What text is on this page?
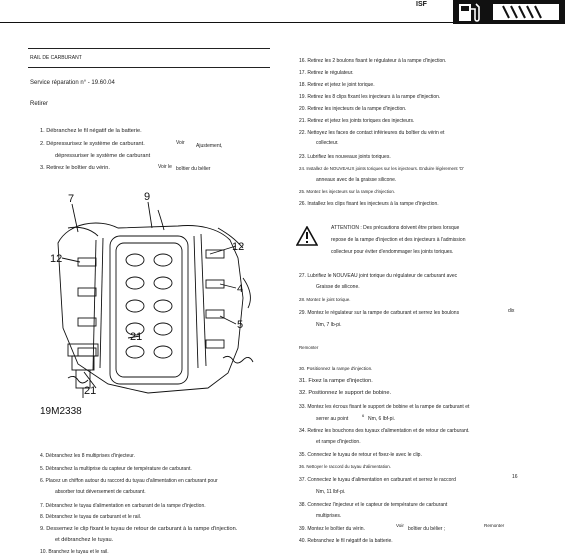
ISF
RAIL DE CARBURANT
Service réparation n° - 19.60.04
Retirer
1. Débranchez le fil négatif de la batterie.
2. Dépressurisez le système de carburant.	Voir Ajustement,
dépressuriser le système de carburant
3. Retirez le boîtier du vérin.	Voir le boîtier du bélier
7	9
12
12
4
5
21
21
19M2338
4. Débranchez les 8 multiprises d'injecteur.
5. Débranchez la multiprise du capteur de température de carburant.
6. Placez un chiffon autour du raccord du tuyau d'alimentation en carburant pour
absorber tout déversement de carburant.
7. Débranchez le tuyau d'alimentation en carburant de la rampe d'injection.
8. Débranchez le tuyau de carburant et le rail.
9. Dessemez le clip fixant le tuyau de retour de carburant à la rampe d'injection.
et débranchez le tuyau.
10. Branchez le tuyau et le rail.
16. Retirez les 2 boulons fixant le régulateur à la rampe d'injection.
17. Retirez le régulateur.
18. Retirez et jetez le joint torique.
19. Retirez les 8 clips fixant les injecteurs à la rampe d'injection.
20. Retirez les injecteurs de la rampe d'injection.
21. Retirez et jetez les joints toriques des injecteurs.
22. Nettoyez les faces de contact inférieures du boîtier du vérin et
collecteur.
23. Lubrifiez les nouveaux joints toriques.
24. Installez de NOUVEAUX joints toriques sur les injecteurs. Enduire légèrement 'O'
anneaux avec de la graisse silicone.
25. Montez les injecteurs sur la rampe d'injection.
26. Installez les clips fixant les injecteurs à la rampe d'injection.
ATTENTION : Des précautions doivent être prises lorsque
repose de la rampe d'injection et des injecteurs à l'admission
collecteur pour éviter d'endommager les joints toriques.
27. Lubrifiez le NOUVEAU joint torique du régulateur de carburant avec
Graisse de silicone.
28. Montez le joint torique.
29. Montez le régulateur sur la rampe de carburant et serrez les boulons	dix
Nm, 7 lb-pi.
Remonter
30. Positionnez la rampe d'injection.
31. Fixez la rampe d'injection.
32. Positionnez le support de bobine.
33. Montez les écrous fixant le support de bobine et la rampe de carburant et
serrer au point
6
Nm, 6 lbf-pi.
34. Retirez les bouchons des tuyaux d'alimentation et de retour de carburant.
et rampe d'injection.
35. Connectez le tuyau de retour et fixez-le avec le clip.
36. Nettoyer le raccord du tuyau d'alimentation.
37. Connectez le tuyau d'alimentation en carburant et serrez le raccord	16
Nm, 11 lbf-pi.
38. Connectez l'injecteur et le capteur de température de carburant
multiprises.
39. Montez le boîtier du vérin.
Voir
boîtier du bélier ;
Remonter
40. Rebranchez le fil négatif de la batterie.
